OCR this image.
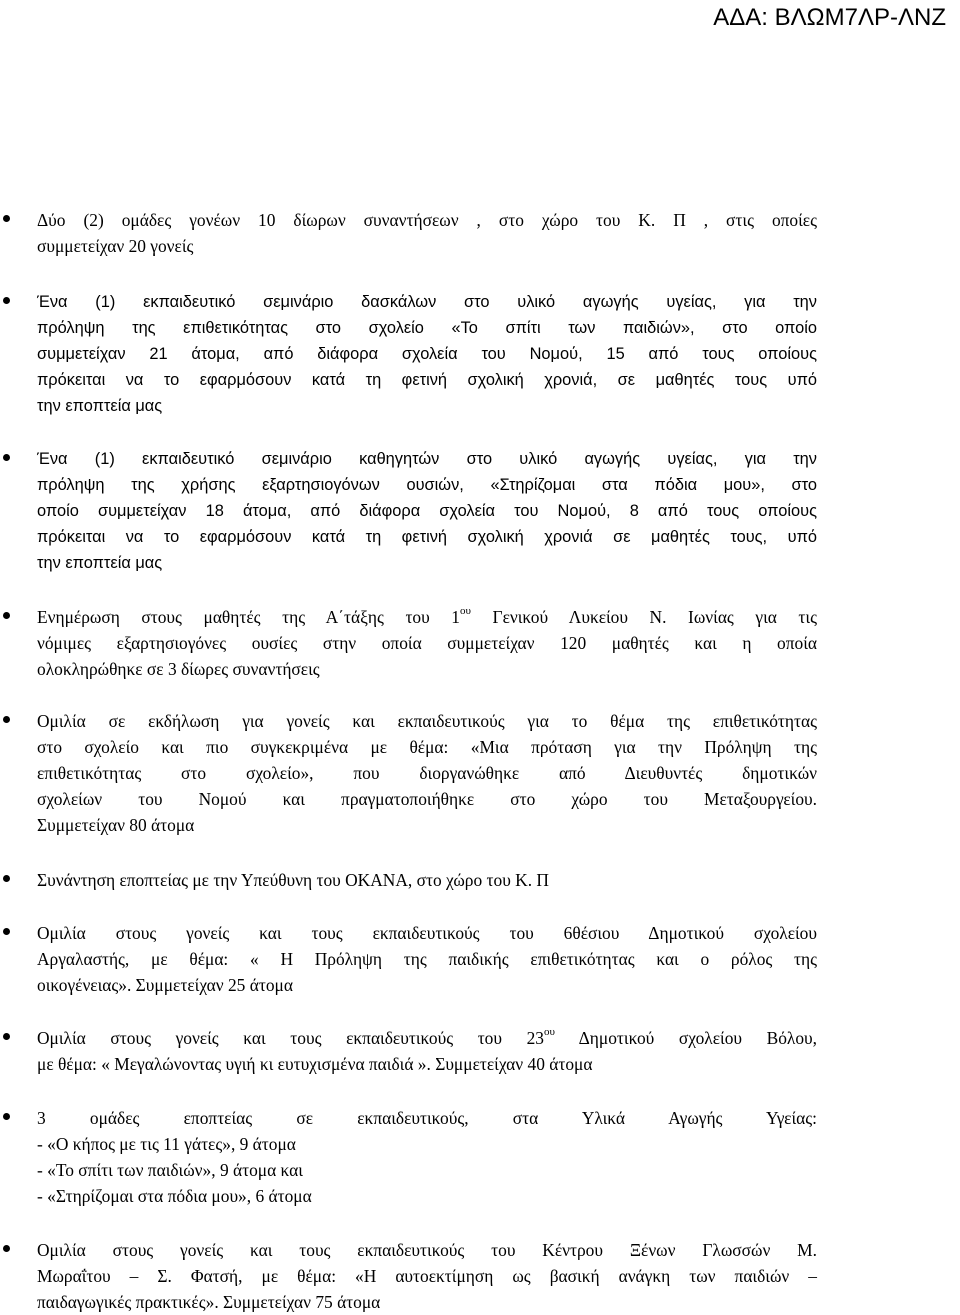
ΑΔΑ: ΒΛΩΜ7ΛΡ-ΛΝΖ
Δύο (2) ομάδες γονέων 10 δίωρων συναντήσεων , στο χώρο του Κ. Π , στις οποίες
συμμετείχαν 20 γονείς
Ένα (1) εκπαιδευτικό σεμινάριο δασκάλων στο υλικό αγωγής υγείας, για την
πρόληψη της επιθετικότητας στο σχολείο «Το σπίτι των παιδιών», στο οποίο
συμμετείχαν 21 άτομα, από διάφορα σχολεία του Νομού, 15 από τους οποίους
πρόκειται να το εφαρμόσουν κατά τη φετινή σχολική χρονιά, σε μαθητές τους υπό
την εποπτεία μας
Ένα (1) εκπαιδευτικό σεμινάριο καθηγητών στο υλικό αγωγής υγείας, για την
πρόληψη της χρήσης εξαρτησιογόνων ουσιών, «Στηρίζομαι στα πόδια μου», στο
οποίο συμμετείχαν 18 άτομα, από διάφορα σχολεία του Νομού, 8 από τους οποίους
πρόκειται να το εφαρμόσουν κατά τη φετινή σχολική χρονιά σε μαθητές τους, υπό
την εποπτεία μας
Ενημέρωση στους μαθητές της Α΄τάξης του $1^{o\upsilon}$ Γενικού Λυκείου Ν. Ιωνίας για τις
νόμιμες εξαρτησιογόνες ουσίες στην οποία συμμετείχαν 120 μαθητές και η οποία
ολοκληρώθηκε σε 3 δίωρες συναντήσεις
Ομιλία σε εκδήλωση για γονείς και εκπαιδευτικούς για το θέμα της επιθετικότητας
στο σχολείο και πιο συγκεκριμένα με θέμα: «Μια πρόταση για την Πρόληψη της
επιθετικότητας στο σχολείο», που διοργανώθηκε από Διευθυντές δημοτικών
σχολείων του Νομού και πραγματοποιήθηκε στο χώρο του Μεταξουργείου.
Συμμετείχαν 80 άτομα
Συνάντηση εποπτείας με την Υπεύθυνη του ΟΚΑΝΑ, στο χώρο του Κ. Π
Ομιλία στους γονείς και τους εκπαιδευτικούς του 6θέσιου Δημοτικού σχολείου
Αργαλαστής, με θέμα: « Η Πρόληψη της παιδικής επιθετικότητας και ο ρόλος της
οικογένειας». Συμμετείχαν 25 άτομα
Ομιλία στους γονείς και τους εκπαιδευτικούς του $23^{o\upsilon}$ Δημοτικού σχολείου Βόλου,
με θέμα: « Μεγαλώνοντας υγιή κι ευτυχισμένα παιδιά ». Συμμετείχαν 40 άτομα
3 ομάδες εποπτείας σε εκπαιδευτικούς, στα Υλικά Αγωγής Υγείας:
- «Ο κήπος με τις 11 γάτες», 9 άτομα
- «Το σπίτι των παιδιών», 9 άτομα και
- «Στηρίζομαι στα πόδια μου», 6 άτομα
Ομιλία στους γονείς και τους εκπαιδευτικούς του Κέντρου Ξένων Γλωσσών Μ.
Μωραΐτου – Σ. Φατσή, με θέμα: «Η αυτοεκτίμηση ως βασική ανάγκη των παιδιών –
παιδαγωγικές πρακτικές». Συμμετείχαν 75 άτομα
